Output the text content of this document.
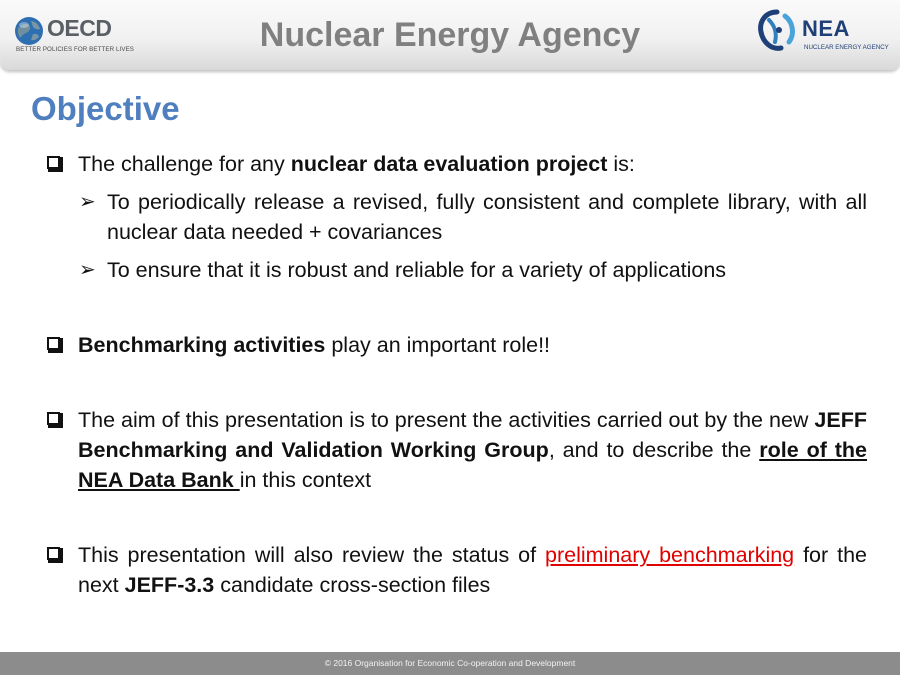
OECD
BETTER POLICIES FOR BETTER LIVES	Nuclear Energy Agency	NEA
NUCLEAR ENERGY AGENCY
Objective
The challenge for any nuclear data evaluation project is:
➢ To periodically release a revised, fully consistent and complete library, with all nuclear data needed + covariances
➢ To ensure that it is robust and reliable for a variety of applications
Benchmarking activities play an important role!!
The aim of this presentation is to present the activities carried out by the new JEFF Benchmarking and Validation Working Group, and to describe the role of the NEA Data Bank in this context
This presentation will also review the status of preliminary benchmarking for the next JEFF-3.3 candidate cross-section files
© 2016 Organisation for Economic Co-operation and Development
